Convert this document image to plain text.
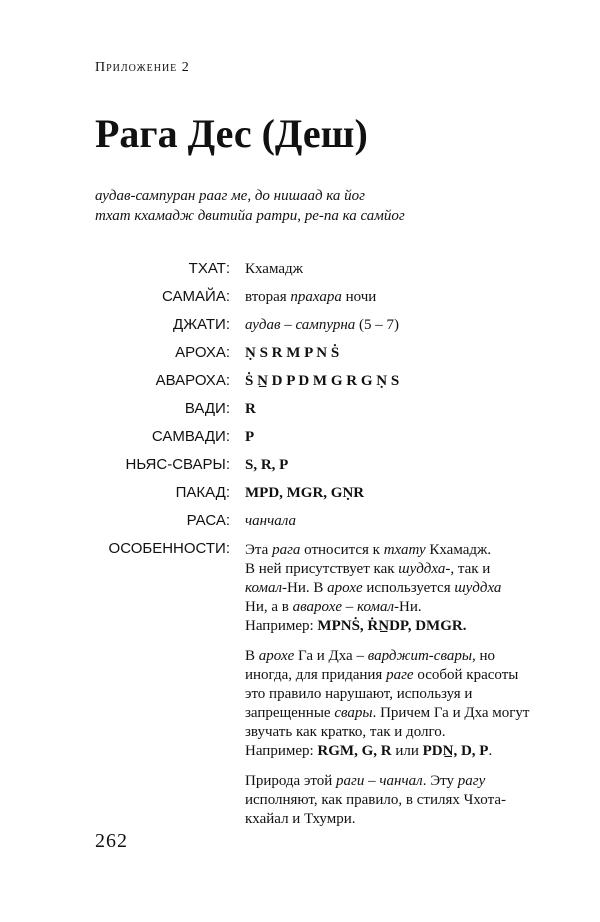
Приложение 2
Рага Дес (Деш)
аудав-сампуран рааг ме, до нишаад ка йог
тхат кхамадж двитийа ратри, ре-па ка самйог
ТХАТ: Кхамадж
САМАЙА: вторая прахара ночи
ДЖАТИ: аудав – сампурна (5 – 7)
АРОХА: Ṇ S R M P N Ṡ
АВАРОХА: Ṡ N̲ D P D M G R G Ṇ S
ВАДИ: R
САМВАДИ: P
НЬЯС-СВАРЫ: S, R, P
ПАКАД: MPD, MGR, GṆR
РАСА: чанчала
ОСОБЕННОСТИ: Эта рага относится к тхату Кхамадж.
В ней присутствует как шуддха-, так и
комал-Ни. В арохе используется шуддха
Ни, а в аварохе – комал-Ни.
Например: MPNṠ, ṘN̲DP, DMGR.

В арохе Га и Дха – варджит-свары, но
иногда, для придания раге особой красоты
это правило нарушают, используя и
запрещенные свары. Причем Га и Дха могут
звучать как кратко, так и долго.
Например: RGM, G, R или PDN̲, D, P.

Природа этой раги – чанчал. Эту рагу
исполняют, как правило, в стилях Чхота-
кхайал и Тхумри.

262
